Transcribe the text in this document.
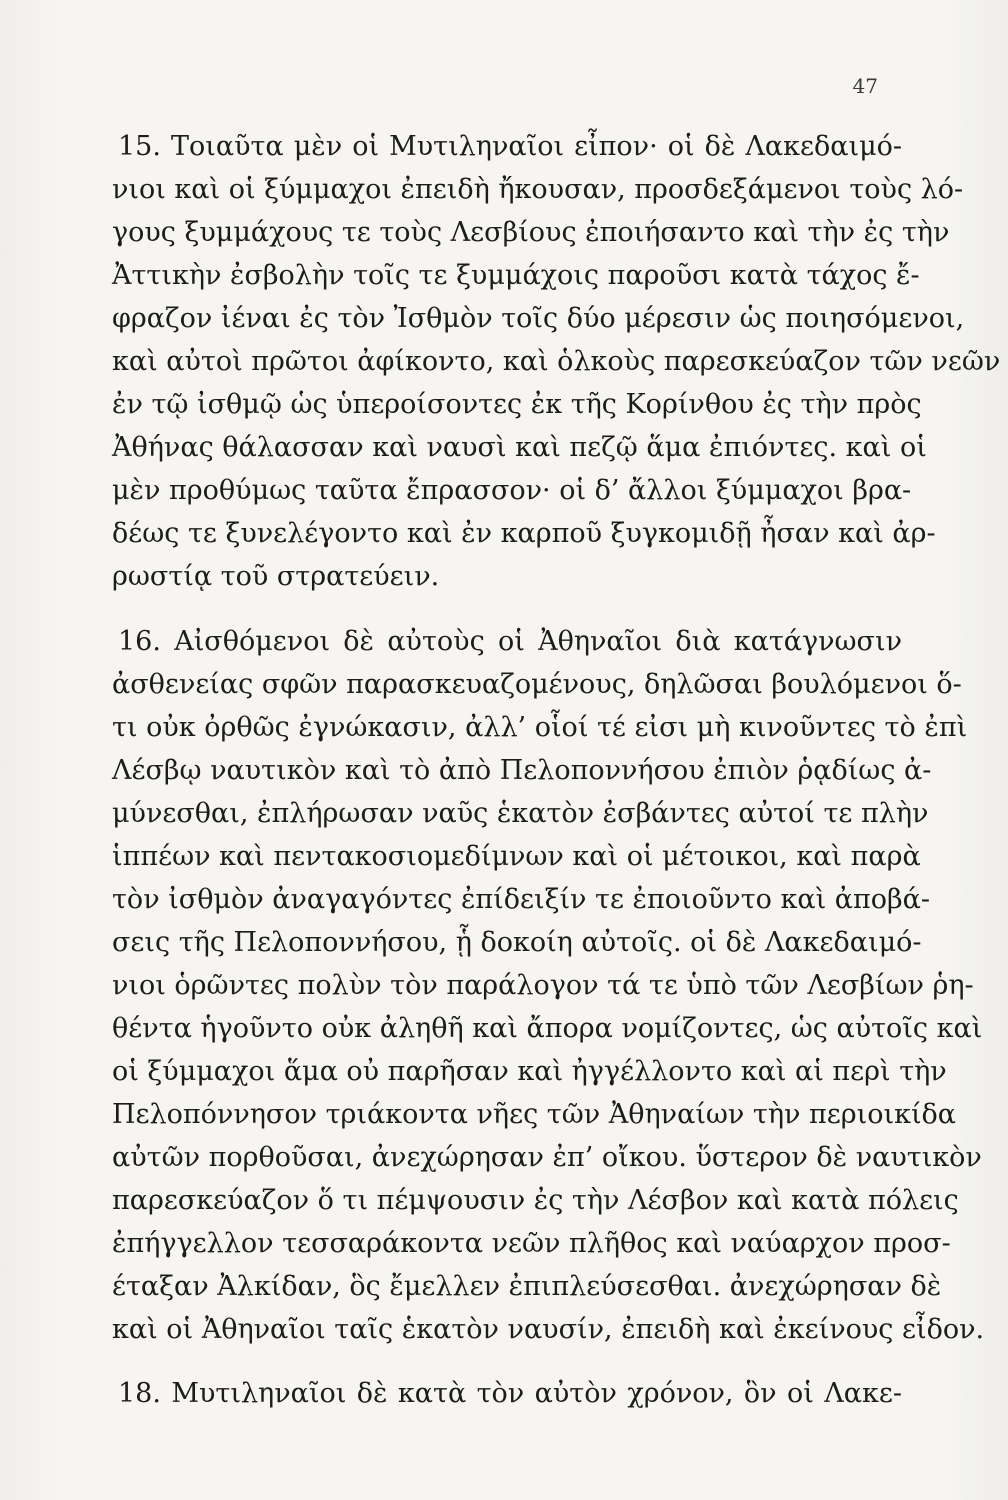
47
15. Τοιαῦτα μὲν οἱ Μυτιληναῖοι εἶπον· οἱ δὲ Λακεδαιμό-
νιοι καὶ οἱ ξύμμαχοι ἐπειδὴ ἤκουσαν, προσδεξάμενοι τοὺς λό-
γους ξυμμάχους τε τοὺς Λεσβίους ἐποιήσαντο καὶ τὴν ἐς τὴν
Ἀττικὴν ἐσβολὴν τοῖς τε ξυμμάχοις παροῦσι κατὰ τάχος ἔ-
φραζον ἰέναι ἐς τὸν Ἰσθμὸν τοῖς δύο μέρεσιν ὡς ποιησόμενοι,
καὶ αὐτοὶ πρῶτοι ἀφίκοντο, καὶ ὁλκοὺς παρεσκεύαζον τῶν νεῶν
ἐν τῷ ἰσθμῷ ὡς ὑπεροίσοντες ἐκ τῆς Κορίνθου ἐς τὴν πρὸς
Ἀθήνας θάλασσαν καὶ ναυσὶ καὶ πεζῷ ἅμα ἐπιόντες. καὶ οἱ
μὲν προθύμως ταῦτα ἔπρασσον· οἱ δ’ ἄλλοι ξύμμαχοι βρα-
δέως τε ξυνελέγοντο καὶ ἐν καρποῦ ξυγκομιδῇ ἦσαν καὶ ἀρ-
ρωστίᾳ τοῦ στρατεύειν.
16. Αἰσθόμενοι δὲ αὐτοὺς οἱ Ἀθηναῖοι διὰ κατάγνωσιν
ἀσθενείας σφῶν παρασκευαζομένους, δηλῶσαι βουλόμενοι ὅ-
τι οὐκ ὀρθῶς ἐγνώκασιν, ἀλλ’ οἷοί τέ εἰσι μὴ κινοῦντες τὸ ἐπὶ
Λέσβῳ ναυτικὸν καὶ τὸ ἀπὸ Πελοποννήσου ἐπιὸν ῥᾳδίως ἀ-
μύνεσθαι, ἐπλήρωσαν ναῦς ἑκατὸν ἐσβάντες αὐτοί τε πλὴν
ἱππέων καὶ πεντακοσιομεδίμνων καὶ οἱ μέτοικοι, καὶ παρὰ
τὸν ἰσθμὸν ἀναγαγόντες ἐπίδειξίν τε ἐποιοῦντο καὶ ἀποβά-
σεις τῆς Πελοποννήσου, ᾗ δοκοίη αὐτοῖς. οἱ δὲ Λακεδαιμό-
νιοι ὁρῶντες πολὺν τὸν παράλογον τά τε ὑπὸ τῶν Λεσβίων ῥη-
θέντα ἡγοῦντο οὐκ ἀληθῆ καὶ ἄπορα νομίζοντες, ὡς αὐτοῖς καὶ
οἱ ξύμμαχοι ἅμα οὐ παρῆσαν καὶ ἠγγέλλοντο καὶ αἱ περὶ τὴν
Πελοπόννησον τριάκοντα νῆες τῶν Ἀθηναίων τὴν περιοικίδα
αὐτῶν πορθοῦσαι, ἀνεχώρησαν ἐπ’ οἴκου. ὕστερον δὲ ναυτικὸν
παρεσκεύαζον ὅ τι πέμψουσιν ἐς τὴν Λέσβον καὶ κατὰ πόλεις
ἐπήγγελλον τεσσαράκοντα νεῶν πλῆθος καὶ ναύαρχον προσ-
έταξαν Ἀλκίδαν, ὃς ἔμελλεν ἐπιπλεύσεσθαι. ἀνεχώρησαν δὲ
καὶ οἱ Ἀθηναῖοι ταῖς ἑκατὸν ναυσίν, ἐπειδὴ καὶ ἐκείνους εἶδον.
18. Μυτιληναῖοι δὲ κατὰ τὸν αὐτὸν χρόνον, ὃν οἱ Λακε-
